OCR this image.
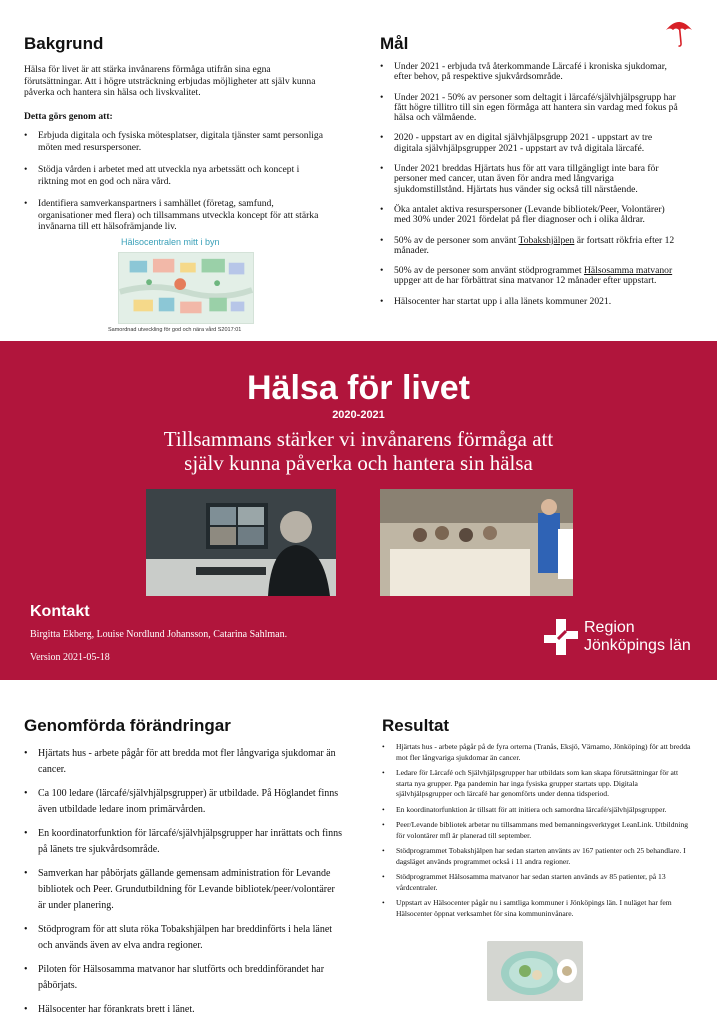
Bakgrund

Hälsa för livet är att stärka invånarens förmåga utifrån sina egna förutsättningar. Att i högre utsträckning erbjudas möjligheter att själv kunna påverka och hantera sin hälsa och livskvalitet.

Detta görs genom att:

• Erbjuda digitala och fysiska mötesplatser, digitala tjänster samt personliga möten med resurspersoner.
• Stödja vården i arbetet med att utveckla nya arbetssätt och koncept i riktning mot en god och nära vård.
• Identifiera samverkanspartners i samhället (företag, samfund, organisationer med flera) och tillsammans utveckla koncept för att stärka invånarna till ett hälsofrämjande liv.
Hälsocentralen mitt i byn
Samordnad utveckling för god och nära vård S2017:01
Mål
• Under 2021 - erbjuda två återkommande Lärcafé i kroniska sjukdomar, efter behov, på respektive sjukvårdsområde.
• Under 2021 - 50% av personer som deltagit i lärcafé/självhjälpsgrupp har fått högre tillitro till sin egen förmåga att hantera sin vardag med fokus på hälsa och välmående.
• 2020 - uppstart av en digital självhjälpsgrupp 2021 - uppstart av tre digitala självhjälpsgrupper 2021 - uppstart av två digitala lärcafé.
• Under 2021 breddas Hjärtats hus för att vara tillgängligt inte bara för personer med cancer, utan även för andra med långvariga sjukdomstillstånd. Hjärtats hus vänder sig också till närstående.
• Öka antalet aktiva resurspersoner (Levande bibliotek/Peer, Volontärer) med 30% under 2021 fördelat på fler diagnoser och i olika åldrar.
• 50% av de personer som använt Tobakshjälpen är fortsatt rökfria efter 12 månader.
• 50% av de personer som använt stödprogrammet Hälsosamma matvanor uppger att de har förbättrat sina matvanor 12 månader efter uppstart.
• Hälsocenter har startat upp i alla länets kommuner 2021.
Hälsa för livet
2020-2021
Tillsammans stärker vi invånarens förmåga att
själv kunna påverka och hantera sin hälsa
Kontakt
Birgitta Ekberg, Louise Nordlund Johansson, Catarina Sahlman.
Version 2021-05-18
Region
Jönköpings län
Genomförda förändringar
• Hjärtats hus - arbete pågår för att bredda mot fler långvariga sjukdomar än cancer.
• Ca 100 ledare (lärcafé/självhjälpsgrupper) är utbildade. På Höglandet finns även utbildade ledare inom primärvården.
• En koordinatorfunktion för lärcafé/självhjälpsgrupper har inrättats och finns på länets tre sjukvårdsområde.
• Samverkan har påbörjats gällande gemensam administration för Levande bibliotek och Peer. Grundutbildning för Levande bibliotek/peer/volontärer är under planering.
• Stödprogram för att sluta röka Tobakshjälpen har breddinförts i hela länet och används även av elva andra regioner.
• Piloten för Hälsosamma matvanor har slutförts och breddinförandet har påbörjats.
• Hälsocenter har förankrats brett i länet.
Resultat
• Hjärtats hus - arbete pågår på de fyra orterna (Tranås, Eksjö, Värnamo, Jönköping) för att bredda mot fler långvariga sjukdomar än cancer.
• Ledare för Lärcafé och Självhjälpsgrupper har utbildats som kan skapa förutsättningar för att starta nya grupper. Pga pandemin har inga fysiska grupper startats upp. Digitala självhjälpsgrupper och lärcafé har genomförts under denna tidsperiod.
• En koordinatorfunktion är tillsatt för att initiera och samordna lärcafé/självhjälpsgrupper.
• Peer/Levande bibliotek arbetar nu tillsammans med bemanningsverktyget LeanLink. Utbildning för volontärer mfl är planerad till september.
• Stödprogrammet Tobakshjälpen har sedan starten använts av 167 patienter och 25 behandlare. I dagsläget används programmet också i 11 andra regioner.
• Stödprogrammet Hälsosamma matvanor har sedan starten används av 85 patienter, på 13 vårdcentraler.
• Uppstart av Hälsocenter pågår nu i samtliga kommuner i Jönköpings län. I nuläget har fem Hälsocenter öppnat verksamhet för sina kommuninvånare.
